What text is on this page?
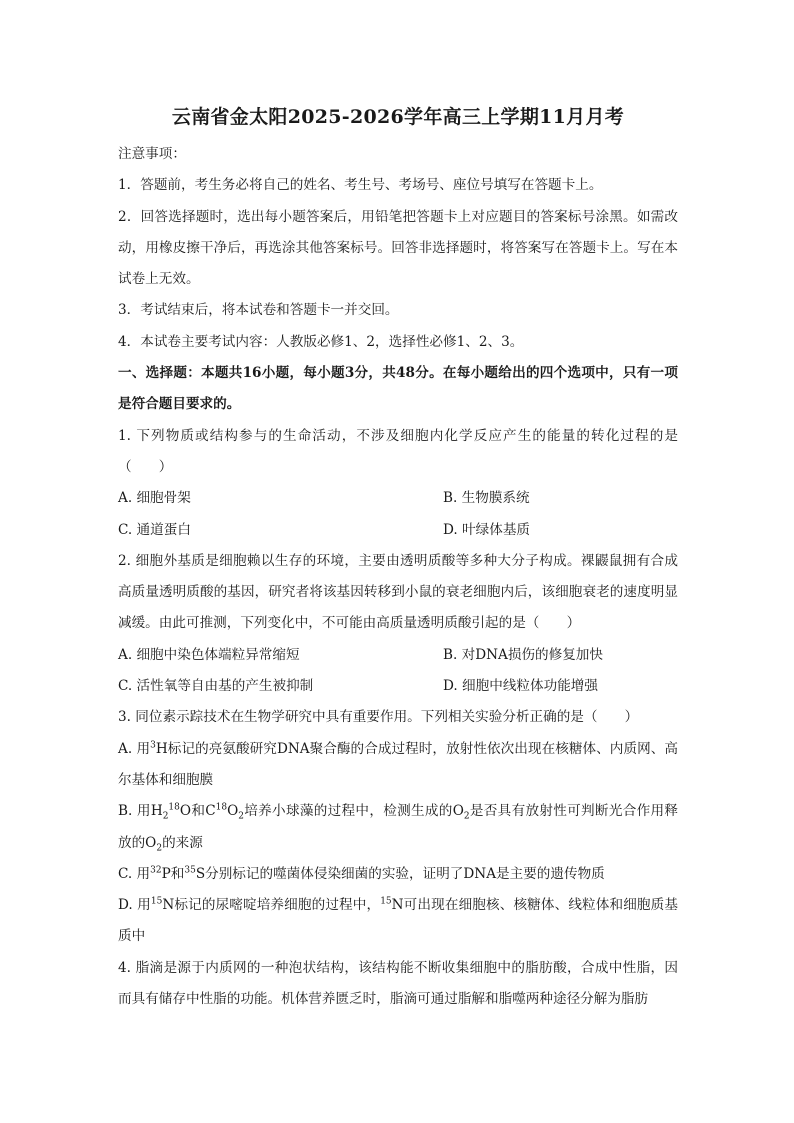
云南省金太阳2025-2026学年高三上学期11月月考
注意事项：
1．答题前，考生务必将自己的姓名、考生号、考场号、座位号填写在答题卡上。
2．回答选择题时，选出每小题答案后，用铅笔把答题卡上对应题目的答案标号涂黑。如需改动，用橡皮擦干净后，再选涂其他答案标号。回答非选择题时，将答案写在答题卡上。写在本试卷上无效。
3．考试结束后，将本试卷和答题卡一并交回。
4．本试卷主要考试内容：人教版必修1、2，选择性必修1、2、3。
一、选择题：本题共16小题，每小题3分，共48分。在每小题给出的四个选项中，只有一项是符合题目要求的。
1. 下列物质或结构参与的生命活动，不涉及细胞内化学反应产生的能量的转化过程的是（　　）
A. 细胞骨架	B. 生物膜系统
C. 通道蛋白	D. 叶绿体基质
2. 细胞外基质是细胞赖以生存的环境，主要由透明质酸等多种大分子构成。裸鼹鼠拥有合成高质量透明质酸的基因，研究者将该基因转移到小鼠的衰老细胞内后，该细胞衰老的速度明显减缓。由此可推测，下列变化中，不可能由高质量透明质酸引起的是（　　）
A. 细胞中染色体端粒异常缩短	B. 对DNA损伤的修复加快
C. 活性氧等自由基的产生被抑制	D. 细胞中线粒体功能增强
3. 同位素示踪技术在生物学研究中具有重要作用。下列相关实验分析正确的是（　　）
A. 用$^3$H标记的亮氨酸研究DNA聚合酶的合成过程时，放射性依次出现在核糖体、内质网、高尔基体和细胞膜
B. 用$H_2^{18}O$和$C^{18}O_2$培养小球藻的过程中，检测生成的$O_2$是否具有放射性可判断光合作用释放的$O_2$的来源
C. 用$^{32}$P和$^{35}$S分别标记的噬菌体侵染细菌的实验，证明了DNA是主要的遗传物质
D. 用$^{15}$N标记的尿嘧啶培养细胞的过程中，$^{15}$N可出现在细胞核、核糖体、线粒体和细胞质基质中
4. 脂滴是源于内质网的一种泡状结构，该结构能不断收集细胞中的脂肪酸，合成中性脂，因而具有储存中性脂的功能。机体营养匮乏时，脂滴可通过脂解和脂噬两种途径分解为脂肪
